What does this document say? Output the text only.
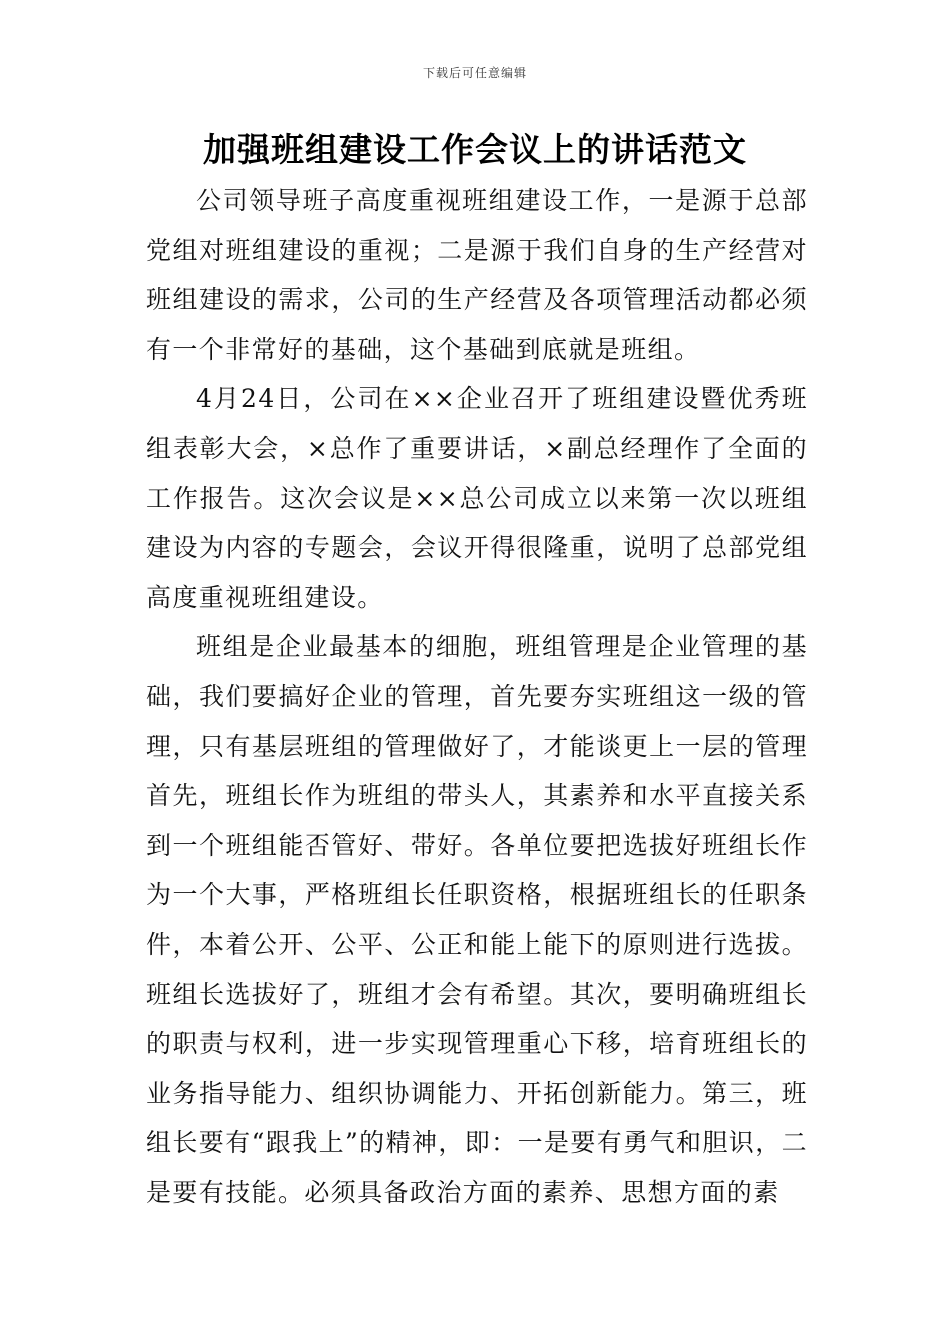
下载后可任意编辑
加强班组建设工作会议上的讲话范文

公司领导班子高度重视班组建设工作，一是源于总部党组对班组建设的重视；二是源于我们自身的生产经营对班组建设的需求，公司的生产经营及各项管理活动都必须有一个非常好的基础，这个基础到底就是班组。

4月24日，公司在××企业召开了班组建设暨优秀班组表彰大会，×总作了重要讲话，×副总经理作了全面的工作报告。这次会议是××总公司成立以来第一次以班组建设为内容的专题会，会议开得很隆重，说明了总部党组高度重视班组建设。

班组是企业最基本的细胞，班组管理是企业管理的基础，我们要搞好企业的管理，首先要夯实班组这一级的管理，只有基层班组的管理做好了，才能谈更上一层的管理首先，班组长作为班组的带头人，其素养和水平直接关系到一个班组能否管好、带好。各单位要把选拔好班组长作为一个大事，严格班组长任职资格，根据班组长的任职条件，本着公开、公平、公正和能上能下的原则进行选拔。班组长选拔好了，班组才会有希望。其次，要明确班组长的职责与权利，进一步实现管理重心下移，培育班组长的业务指导能力、组织协调能力、开拓创新能力。第三，班组长要有“跟我上”的精神，即：一是要有勇气和胆识，二是要有技能。必须具备政治方面的素养、思想方面的素
